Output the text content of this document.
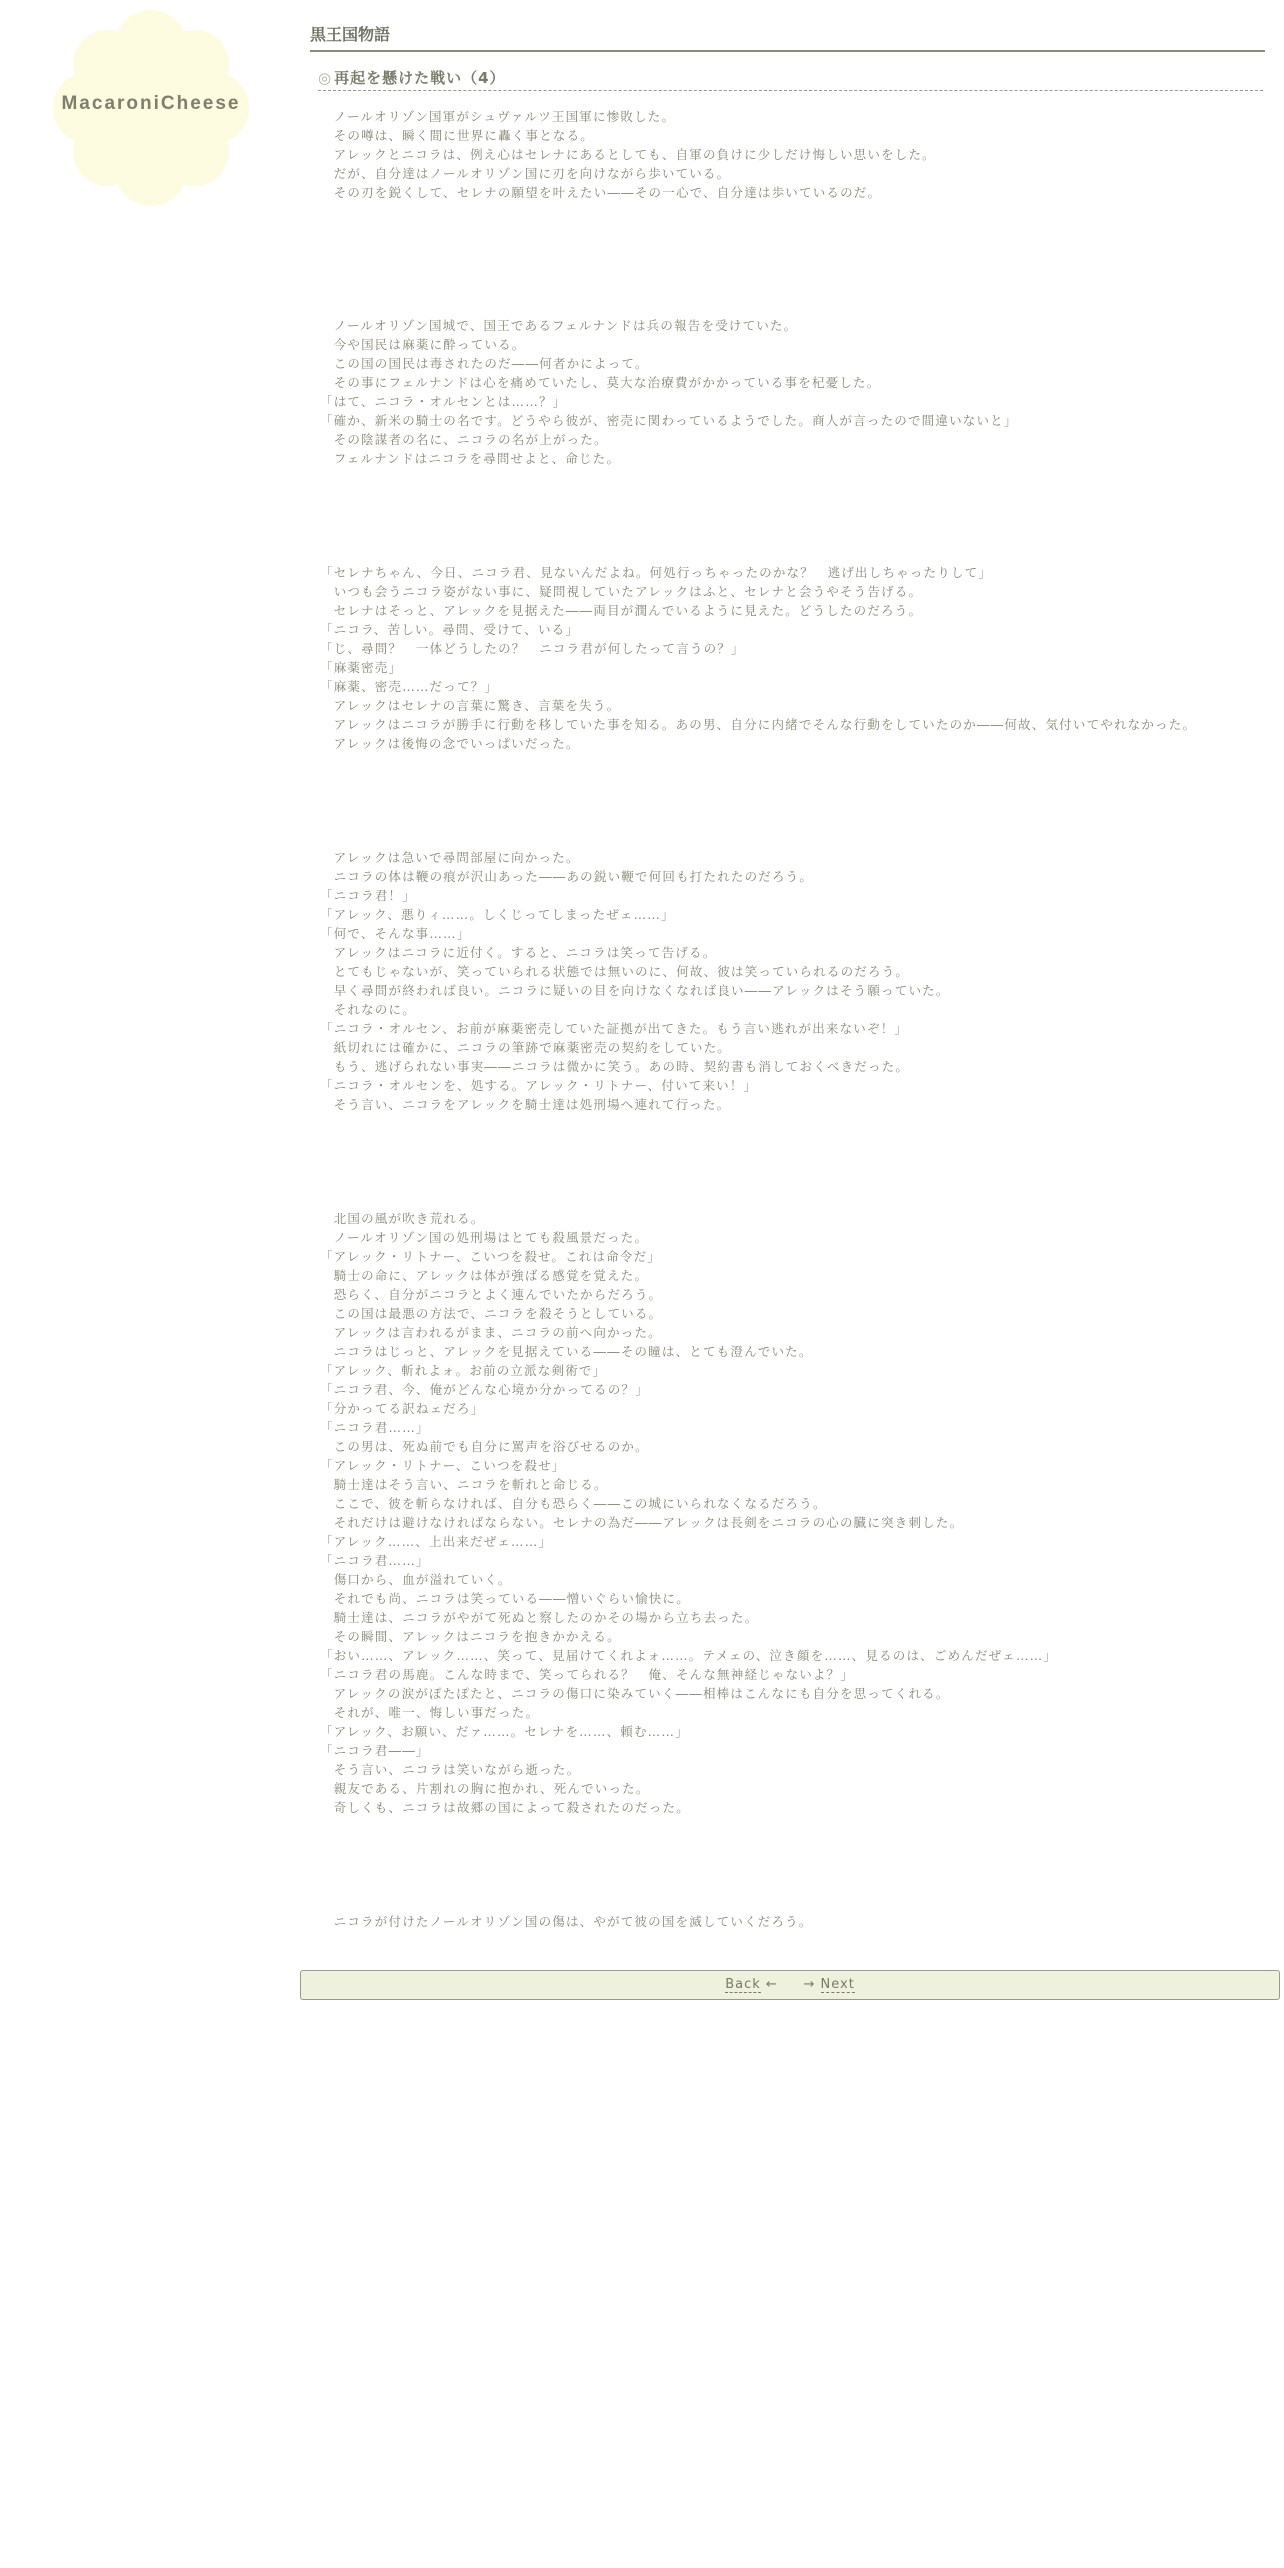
MacaroniCheese
黒王国物語
◎ 再起を懸けた戦い（4）
　ノールオリゾン国軍がシュヴァルツ王国軍に惨敗した。
　その噂は、瞬く間に世界に轟く事となる。
　アレックとニコラは、例え心はセレナにあるとしても、自軍の負けに少しだけ悔しい思いをした。
　だが、自分達はノールオリゾン国に刃を向けながら歩いている。
　その刃を鋭くして、セレナの願望を叶えたい――その一心で、自分達は歩いているのだ。
　ノールオリゾン国城で、国王であるフェルナンドは兵の報告を受けていた。
　今や国民は麻薬に酔っている。
　この国の国民は毒されたのだ――何者かによって。
　その事にフェルナンドは心を痛めていたし、莫大な治療費がかかっている事を杞憂した。
「はて、ニコラ・オルセンとは……？」
「確か、新米の騎士の名です。どうやら彼が、密売に関わっているようでした。商人が言ったので間違いないと」
　その陰謀者の名に、ニコラの名が上がった。
　フェルナンドはニコラを尋問せよと、命じた。
「セレナちゃん、今日、ニコラ君、見ないんだよね。何処行っちゃったのかな？　逃げ出しちゃったりして」
　いつも会うニコラ姿がない事に、疑問視していたアレックはふと、セレナと会うやそう告げる。
　セレナはそっと、アレックを見据えた――両目が潤んでいるように見えた。どうしたのだろう。
「ニコラ、苦しい。尋問、受けて、いる」
「じ、尋問？　一体どうしたの？　ニコラ君が何したって言うの？」
「麻薬密売」
「麻薬、密売……だって？」
　アレックはセレナの言葉に驚き、言葉を失う。
　アレックはニコラが勝手に行動を移していた事を知る。あの男、自分に内緒でそんな行動をしていたのか――何故、気付いてやれなかった。
　アレックは後悔の念でいっぱいだった。
　アレックは急いで尋問部屋に向かった。
　ニコラの体は鞭の痕が沢山あった――あの鋭い鞭で何回も打たれたのだろう。
「ニコラ君！」
「アレック、悪りィ……。しくじってしまったぜェ……」
「何で、そんな事……」
　アレックはニコラに近付く。すると、ニコラは笑って告げる。
　とてもじゃないが、笑っていられる状態では無いのに、何故、彼は笑っていられるのだろう。
　早く尋問が終われば良い。ニコラに疑いの目を向けなくなれば良い――アレックはそう願っていた。
　それなのに。
「ニコラ・オルセン、お前が麻薬密売していた証拠が出てきた。もう言い逃れが出来ないぞ！」
　紙切れには確かに、ニコラの筆跡で麻薬密売の契約をしていた。
　もう、逃げられない事実――ニコラは微かに笑う。あの時、契約書も消しておくべきだった。
「ニコラ・オルセンを、処する。アレック・リトナー、付いて来い！」
　そう言い、ニコラをアレックを騎士達は処刑場へ連れて行った。
　北国の風が吹き荒れる。
　ノールオリゾン国の処刑場はとても殺風景だった。
「アレック・リトナー、こいつを殺せ。これは命令だ」
　騎士の命に、アレックは体が強ばる感覚を覚えた。
　恐らく、自分がニコラとよく連んでいたからだろう。
　この国は最悪の方法で、ニコラを殺そうとしている。
　アレックは言われるがまま、ニコラの前へ向かった。
　ニコラはじっと、アレックを見据えている――その瞳は、とても澄んでいた。
「アレック、斬れよォ。お前の立派な剣術で」
「ニコラ君、今、俺がどんな心境か分かってるの？」
「分かってる訳ねェだろ」
「ニコラ君……」
　この男は、死ぬ前でも自分に罵声を浴びせるのか。
「アレック・リトナー、こいつを殺せ」
　騎士達はそう言い、ニコラを斬れと命じる。
　ここで、彼を斬らなければ、自分も恐らく――この城にいられなくなるだろう。
　それだけは避けなければならない。セレナの為だ――アレックは長剣をニコラの心の臓に突き刺した。
「アレック……、上出来だぜェ……」
「ニコラ君……」
　傷口から、血が溢れていく。
　それでも尚、ニコラは笑っている――憎いぐらい愉快に。
　騎士達は、ニコラがやがて死ぬと察したのかその場から立ち去った。
　その瞬間、アレックはニコラを抱きかかえる。
「おい……、アレック……、笑って、見届けてくれよォ……。テメェの、泣き顔を……、見るのは、ごめんだぜェ……」
「ニコラ君の馬鹿。こんな時まで、笑ってられる？　俺、そんな無神経じゃないよ？」
　アレックの涙がぽたぽたと、ニコラの傷口に染みていく――相棒はこんなにも自分を思ってくれる。
　それが、唯一、悔しい事だった。
「アレック、お願い、だァ……。セレナを……、頼む……」
「ニコラ君――」
　そう言い、ニコラは笑いながら逝った。
　親友である、片割れの胸に抱かれ、死んでいった。
　奇しくも、ニコラは故郷の国によって殺されたのだった。
　ニコラが付けたノールオリゾン国の傷は、やがて彼の国を滅していくだろう。
Back ← → Next
